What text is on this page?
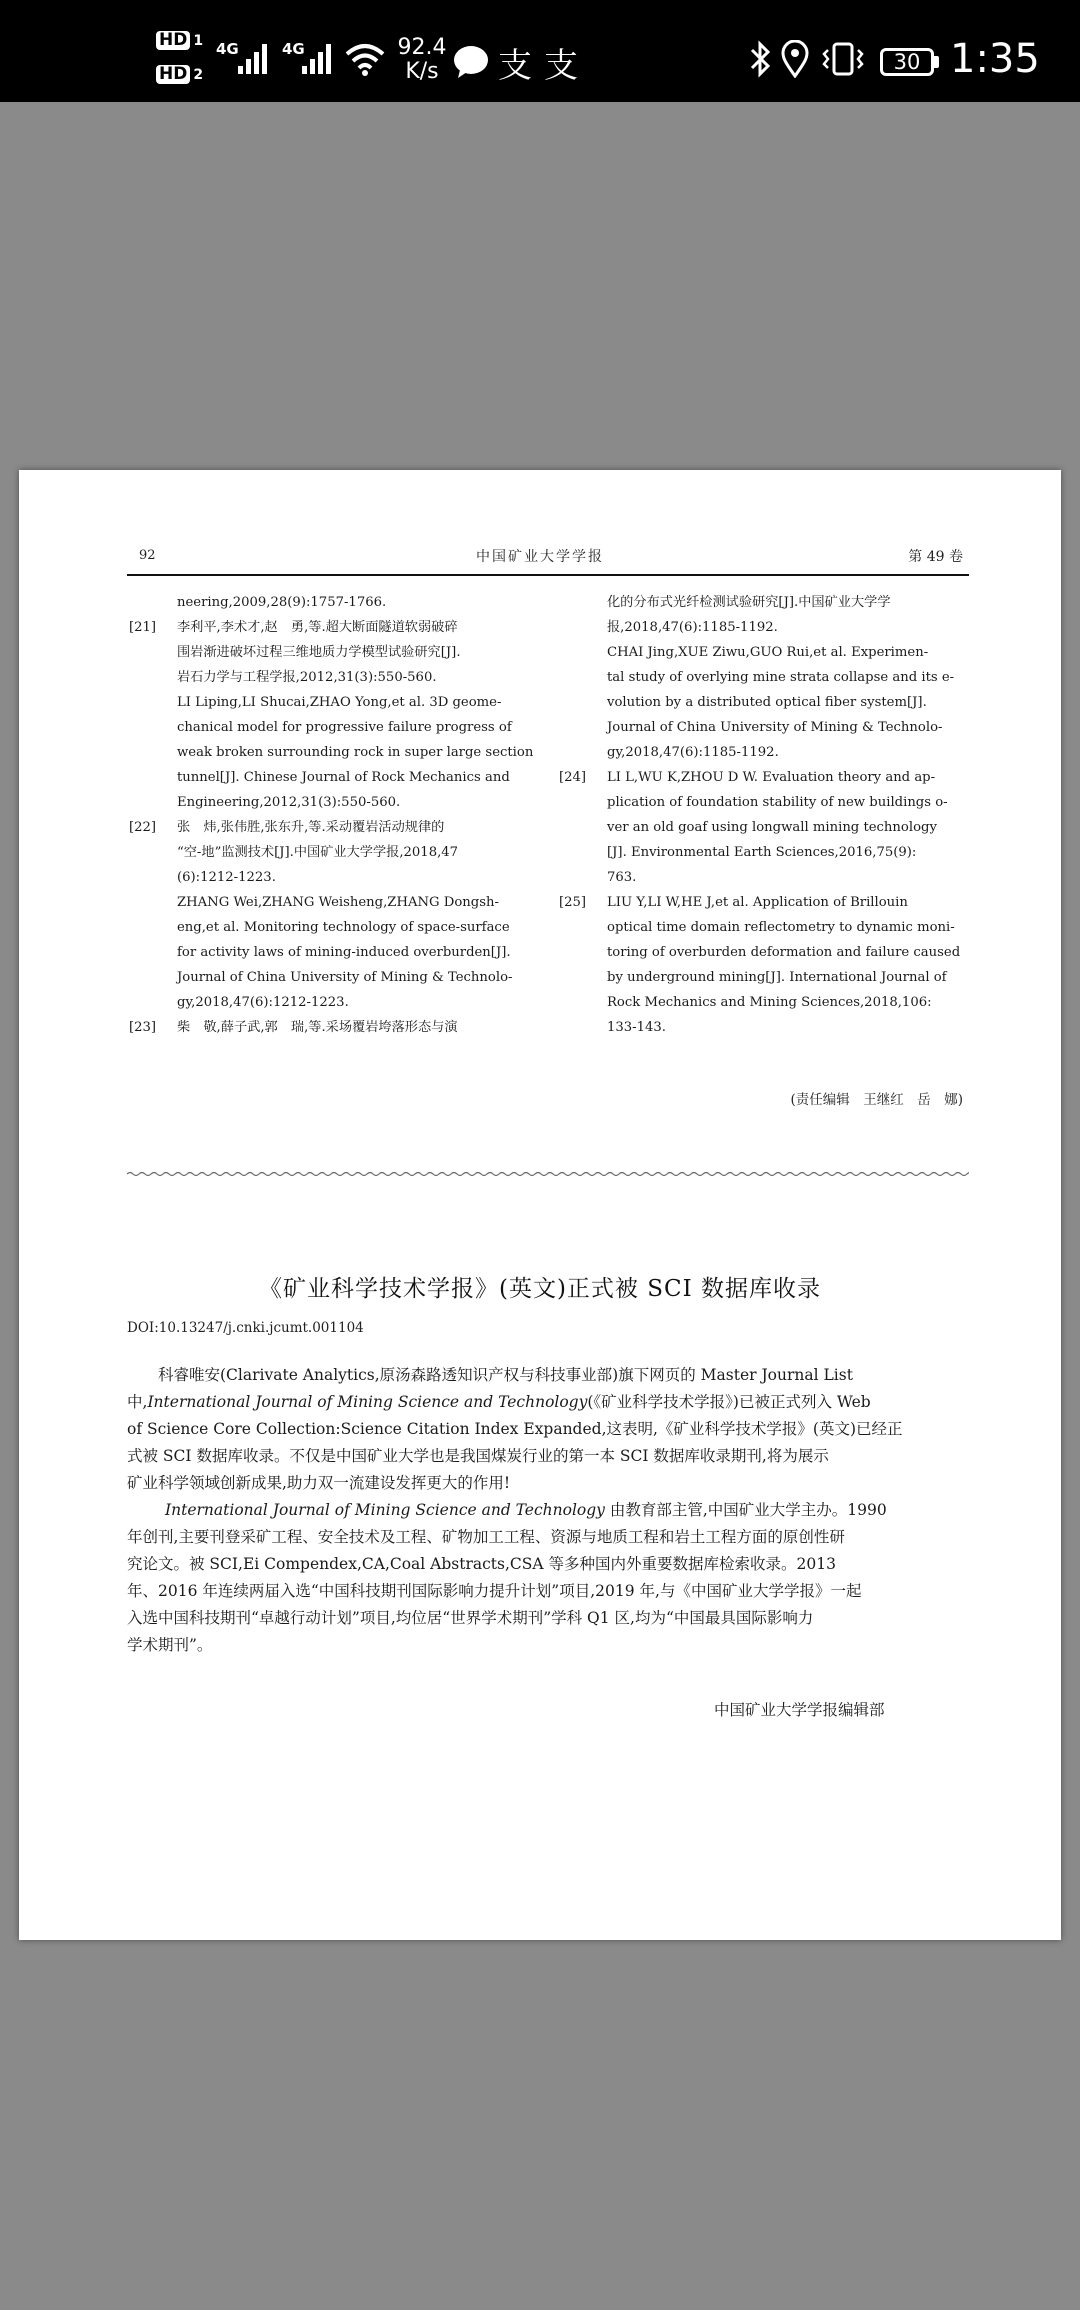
HD 1
HD 2
4G	4G	92.4
K/s	支 支	30 1:35
92	中国矿业大学学报	第 49 卷
neering,2009,28(9):1757-1766.
[21]	李利平,李术才,赵　勇,等.超大断面隧道软弱破碎
围岩渐进破坏过程三维地质力学模型试验研究[J].
岩石力学与工程学报,2012,31(3):550-560.
LI Liping,LI Shucai,ZHAO Yong,et al. 3D geome-
chanical model for progressive failure progress of
weak broken surrounding rock in super large section
tunnel[J]. Chinese Journal of Rock Mechanics and
Engineering,2012,31(3):550-560.
[22]	张　炜,张伟胜,张东升,等.采动覆岩活动规律的
“空-地”监测技术[J].中国矿业大学学报,2018,47
(6):1212-1223.
ZHANG Wei,ZHANG Weisheng,ZHANG Dongsh-
eng,et al. Monitoring technology of space-surface
for activity laws of mining-induced overburden[J].
Journal of China University of Mining & Technolo-
gy,2018,47(6):1212-1223.
[23]	柴　敬,薛子武,郭　瑞,等.采场覆岩垮落形态与演
化的分布式光纤检测试验研究[J].中国矿业大学学
报,2018,47(6):1185-1192.
CHAI Jing,XUE Ziwu,GUO Rui,et al. Experimen-
tal study of overlying mine strata collapse and its e-
volution by a distributed optical fiber system[J].
Journal of China University of Mining & Technolo-
gy,2018,47(6):1185-1192.
[24]	LI L,WU K,ZHOU D W. Evaluation theory and ap-
plication of foundation stability of new buildings o-
ver an old goaf using longwall mining technology
[J]. Environmental Earth Sciences,2016,75(9):
763.
[25]	LIU Y,LI W,HE J,et al. Application of Brillouin
optical time domain reflectometry to dynamic moni-
toring of overburden deformation and failure caused
by underground mining[J]. International Journal of
Rock Mechanics and Mining Sciences,2018,106:
133-143.
(责任编辑　王继红　岳　娜)
《矿业科学技术学报》(英文)正式被 SCI 数据库收录
DOI:10.13247/j.cnki.jcumt.001104
　　科睿唯安(Clarivate Analytics,原汤森路透知识产权与科技事业部)旗下网页的 Master Journal List
中,International Journal of Mining Science and Technology(《矿业科学技术学报》)已被正式列入 Web
of Science Core Collection:Science Citation Index Expanded,这表明,《矿业科学技术学报》(英文)已经正
式被 SCI 数据库收录。不仅是中国矿业大学也是我国煤炭行业的第一本 SCI 数据库收录期刊,将为展示
矿业科学领域创新成果,助力双一流建设发挥更大的作用!
International Journal of Mining Science and Technology 由教育部主管,中国矿业大学主办。1990
年创刊,主要刊登采矿工程、安全技术及工程、矿物加工工程、资源与地质工程和岩土工程方面的原创性研
究论文。被 SCI,Ei Compendex,CA,Coal Abstracts,CSA 等多种国内外重要数据库检索收录。2013
年、2016 年连续两届入选“中国科技期刊国际影响力提升计划”项目,2019 年,与《中国矿业大学学报》一起
入选中国科技期刊“卓越行动计划”项目,均位居“世界学术期刊”学科 Q1 区,均为“中国最具国际影响力
学术期刊”。
中国矿业大学学报编辑部
